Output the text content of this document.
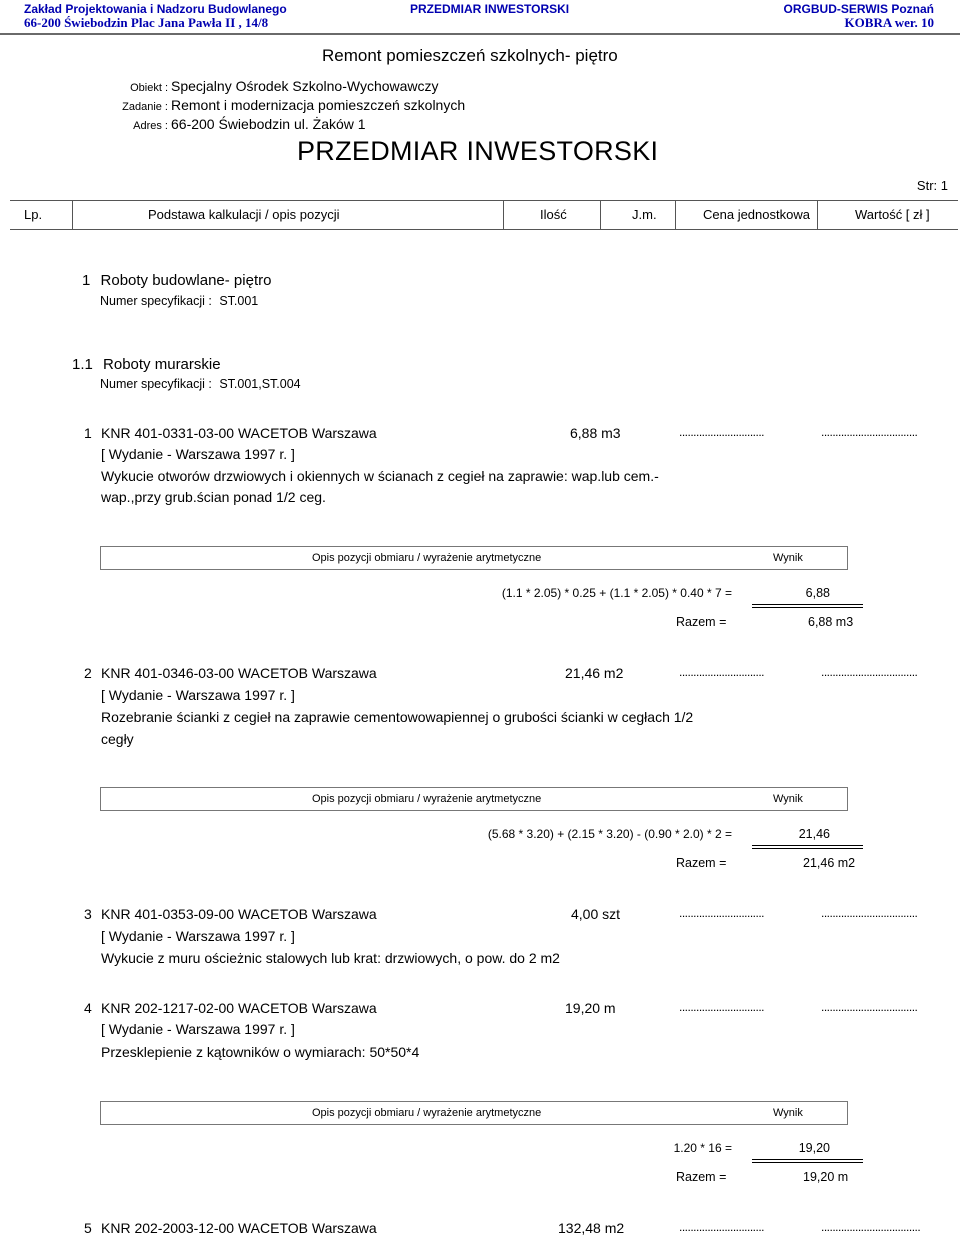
Zakład Projektowania i Nadzoru Budowlanego
66-200 Świebodzin Plac Jana Pawła II , 14/8
PRZEDMIAR INWESTORSKI	ORGBUD-SERWIS Poznań
KOBRA wer. 10
Remont pomieszczeń szkolnych- piętro
Obiekt : Specjalny Ośrodek Szkolno-Wychowawczy
Zadanie : Remont i modernizacja pomieszczeń szkolnych
Adres : 66-200 Świebodzin ul. Żaków 1
PRZEDMIAR INWESTORSKI
Str: 1
Lp.	Podstawa kalkulacji / opis pozycji	Ilość	J.m.	Cena jednostkowa	Wartość [ zł ]
1 Roboty budowlane- piętro
Numer specyfikacji : ST.001
1.1 Roboty murarskie
Numer specyfikacji : ST.001,ST.004
1 KNR 401-0331-03-00 WACETOB Warszawa	6,88 m3	..............................	..................................
[ Wydanie - Warszawa 1997 r. ]
Wykucie otworów drzwiowych i okiennych w ścianach z cegieł na zaprawie: wap.lub cem.-
wap.,przy grub.ścian ponad 1/2 ceg.
Opis pozycji obmiaru / wyrażenie arytmetyczne	Wynik
(1.1 * 2.05) * 0.25 + (1.1 * 2.05) * 0.40 * 7 =	6,88
Razem =	6,88 m3
2 KNR 401-0346-03-00 WACETOB Warszawa	21,46 m2	..............................	..................................
[ Wydanie - Warszawa 1997 r. ]
Rozebranie ścianki z cegieł na zaprawie cementowowapiennej o grubości ścianki w cegłach 1/2
cegły
Opis pozycji obmiaru / wyrażenie arytmetyczne	Wynik
(5.68 * 3.20) + (2.15 * 3.20) - (0.90 * 2.0) * 2 =	21,46
Razem =	21,46 m2
3 KNR 401-0353-09-00 WACETOB Warszawa	4,00 szt	..............................	..................................
[ Wydanie - Warszawa 1997 r. ]
Wykucie z muru ościeżnic stalowych lub krat: drzwiowych, o pow. do 2 m2
4 KNR 202-1217-02-00 WACETOB Warszawa	19,20 m	..............................	..................................
[ Wydanie - Warszawa 1997 r. ]
Przesklepienie z kątowników o wymiarach: 50*50*4
Opis pozycji obmiaru / wyrażenie arytmetyczne	Wynik
1.20 * 16 =	19,20
Razem =	19,20 m
5 KNR 202-2003-12-00 WACETOB Warszawa	132,48 m2	..............................	...................................
